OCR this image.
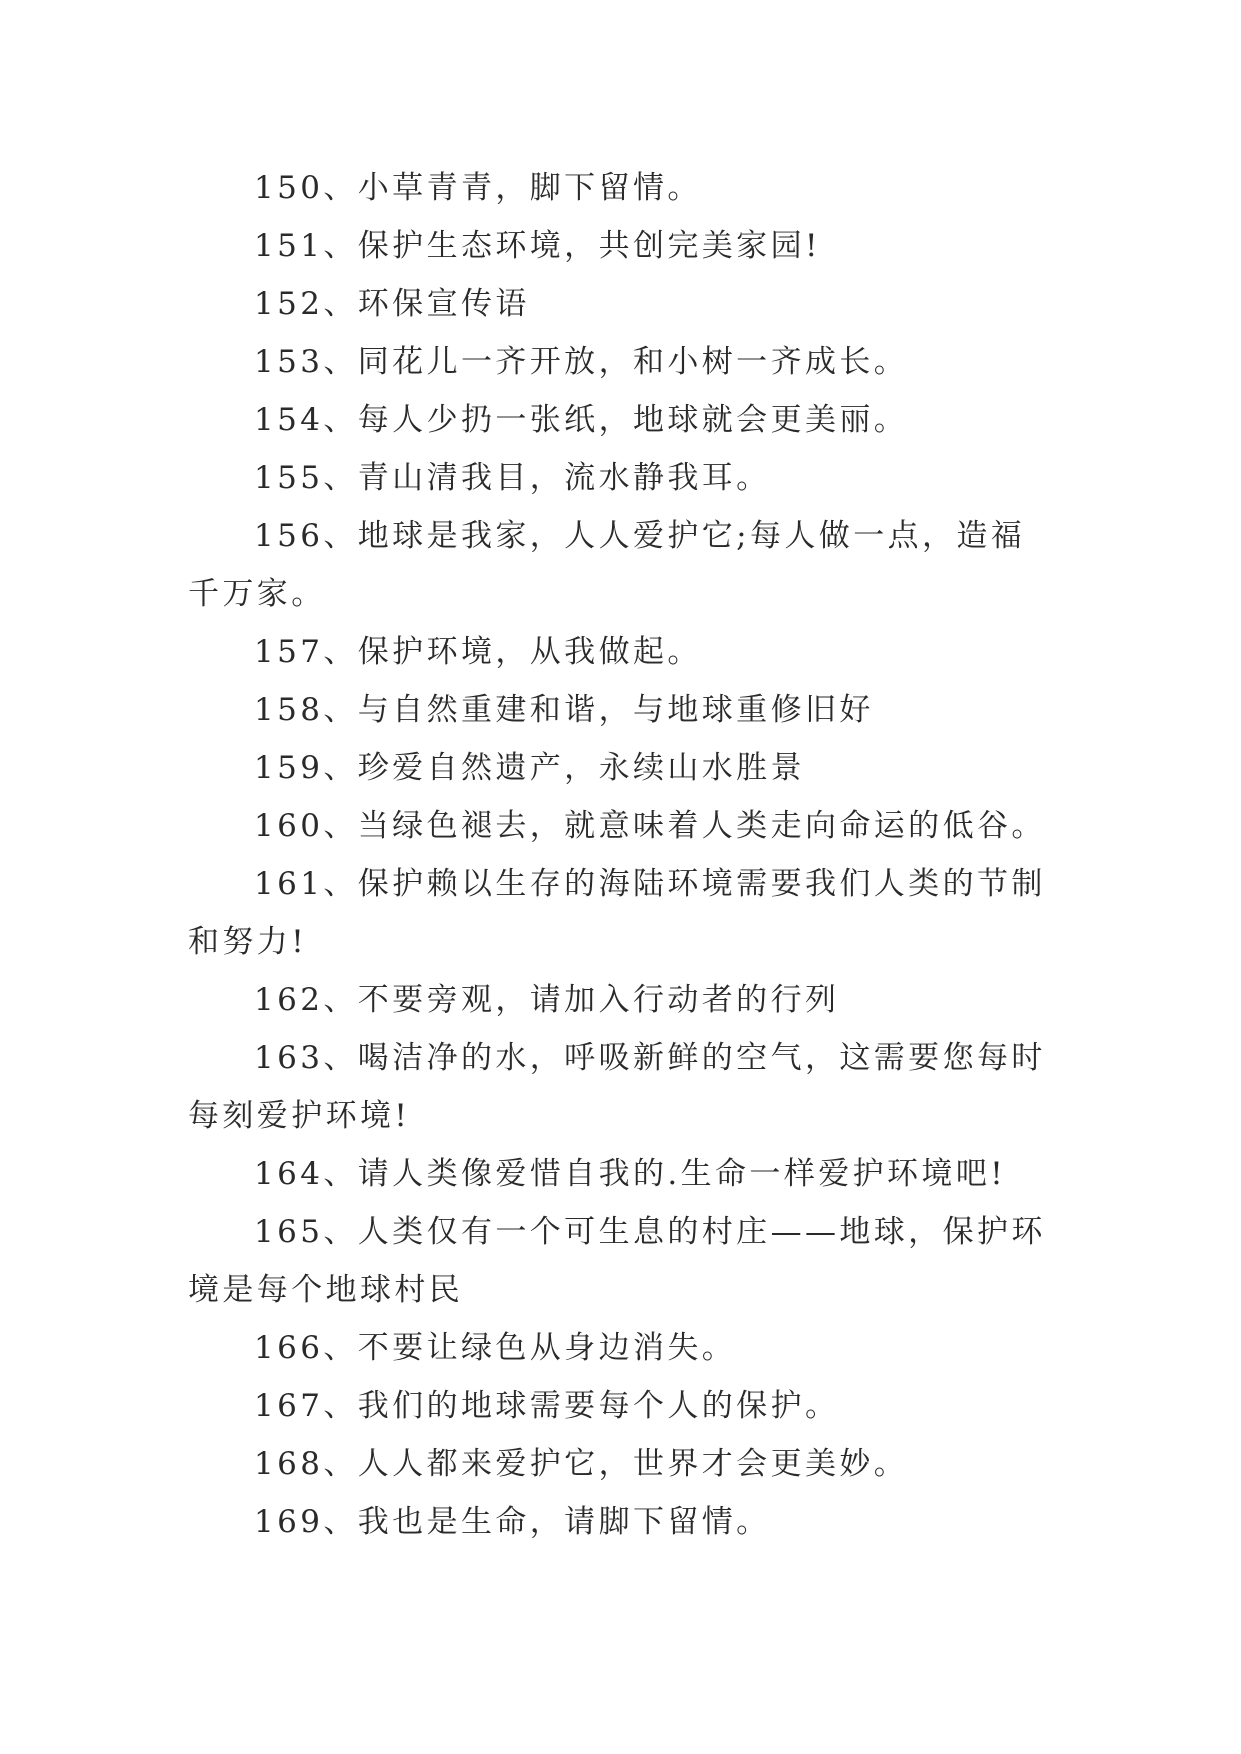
150、小草青青，脚下留情。

151、保护生态环境，共创完美家园!

152、环保宣传语

153、同花儿一齐开放，和小树一齐成长。

154、每人少扔一张纸，地球就会更美丽。

155、青山清我目，流水静我耳。

156、地球是我家，人人爱护它;每人做一点，造福千万家。

157、保护环境，从我做起。

158、与自然重建和谐，与地球重修旧好

159、珍爱自然遗产，永续山水胜景

160、当绿色褪去，就意味着人类走向命运的低谷。

161、保护赖以生存的海陆环境需要我们人类的节制和努力!

162、不要旁观，请加入行动者的行列

163、喝洁净的水，呼吸新鲜的空气，这需要您每时每刻爱护环境!

164、请人类像爱惜自我的.生命一样爱护环境吧!

165、人类仅有一个可生息的村庄——地球，保护环境是每个地球村民

166、不要让绿色从身边消失。

167、我们的地球需要每个人的保护。

168、人人都来爱护它，世界才会更美妙。

169、我也是生命，请脚下留情。
